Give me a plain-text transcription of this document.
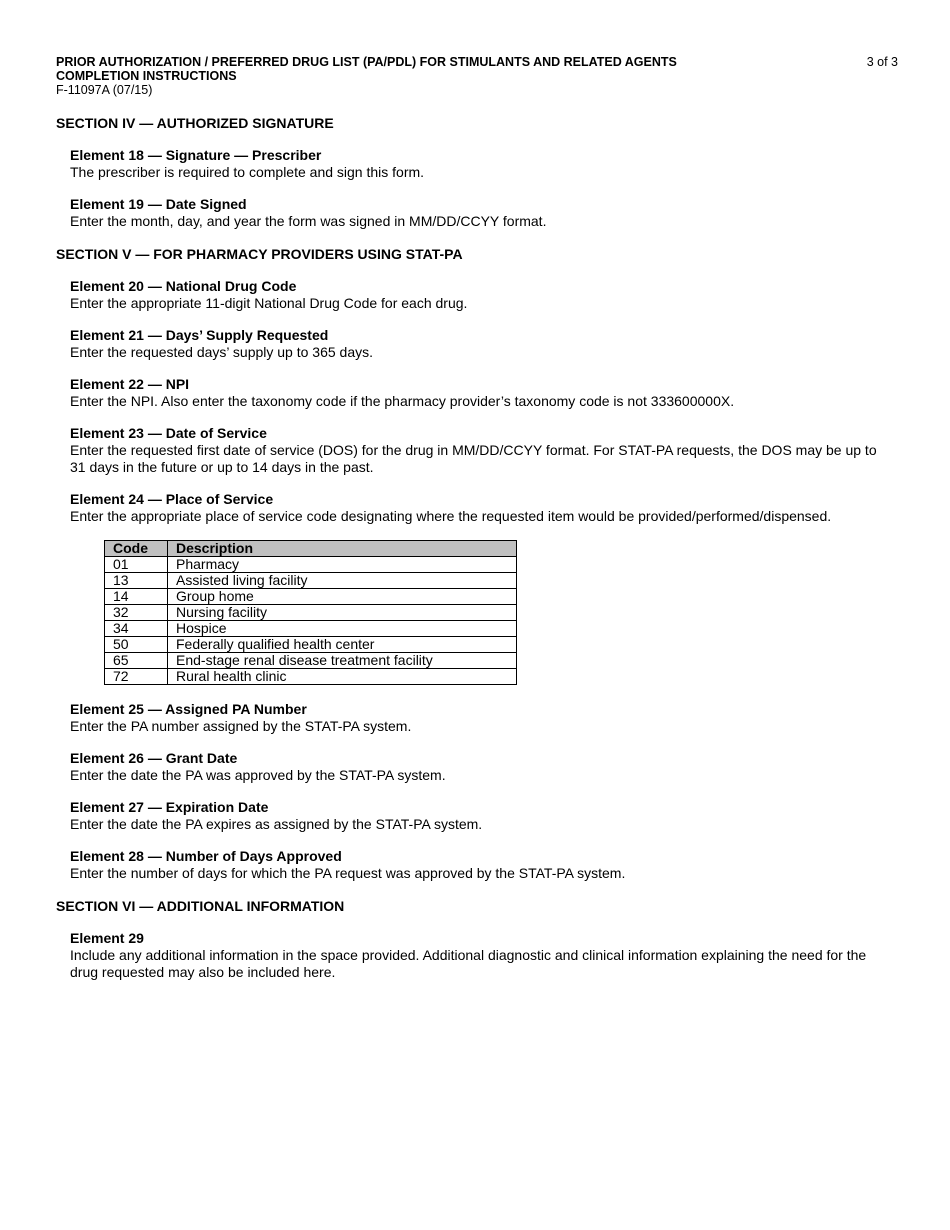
PRIOR AUTHORIZATION / PREFERRED DRUG LIST (PA/PDL) FOR STIMULANTS AND RELATED AGENTS	3 of 3
COMPLETION INSTRUCTIONS
F-11097A (07/15)
SECTION IV — AUTHORIZED SIGNATURE
Element 18 — Signature — Prescriber
The prescriber is required to complete and sign this form.
Element 19 — Date Signed
Enter the month, day, and year the form was signed in MM/DD/CCYY format.
SECTION V — FOR PHARMACY PROVIDERS USING STAT-PA
Element 20 — National Drug Code
Enter the appropriate 11-digit National Drug Code for each drug.
Element 21 — Days’ Supply Requested
Enter the requested days’ supply up to 365 days.
Element 22 — NPI
Enter the NPI. Also enter the taxonomy code if the pharmacy provider’s taxonomy code is not 333600000X.
Element 23 — Date of Service
Enter the requested first date of service (DOS) for the drug in MM/DD/CCYY format. For STAT-PA requests, the DOS may be up to 31 days in the future or up to 14 days in the past.
Element 24 — Place of Service
Enter the appropriate place of service code designating where the requested item would be provided/performed/dispensed.
Code	Description
01	Pharmacy
13	Assisted living facility
14	Group home
32	Nursing facility
34	Hospice
50	Federally qualified health center
65	End-stage renal disease treatment facility
72	Rural health clinic
Element 25 — Assigned PA Number
Enter the PA number assigned by the STAT-PA system.
Element 26 — Grant Date
Enter the date the PA was approved by the STAT-PA system.
Element 27 — Expiration Date
Enter the date the PA expires as assigned by the STAT-PA system.
Element 28 — Number of Days Approved
Enter the number of days for which the PA request was approved by the STAT-PA system.
SECTION VI — ADDITIONAL INFORMATION
Element 29
Include any additional information in the space provided. Additional diagnostic and clinical information explaining the need for the drug requested may also be included here.
